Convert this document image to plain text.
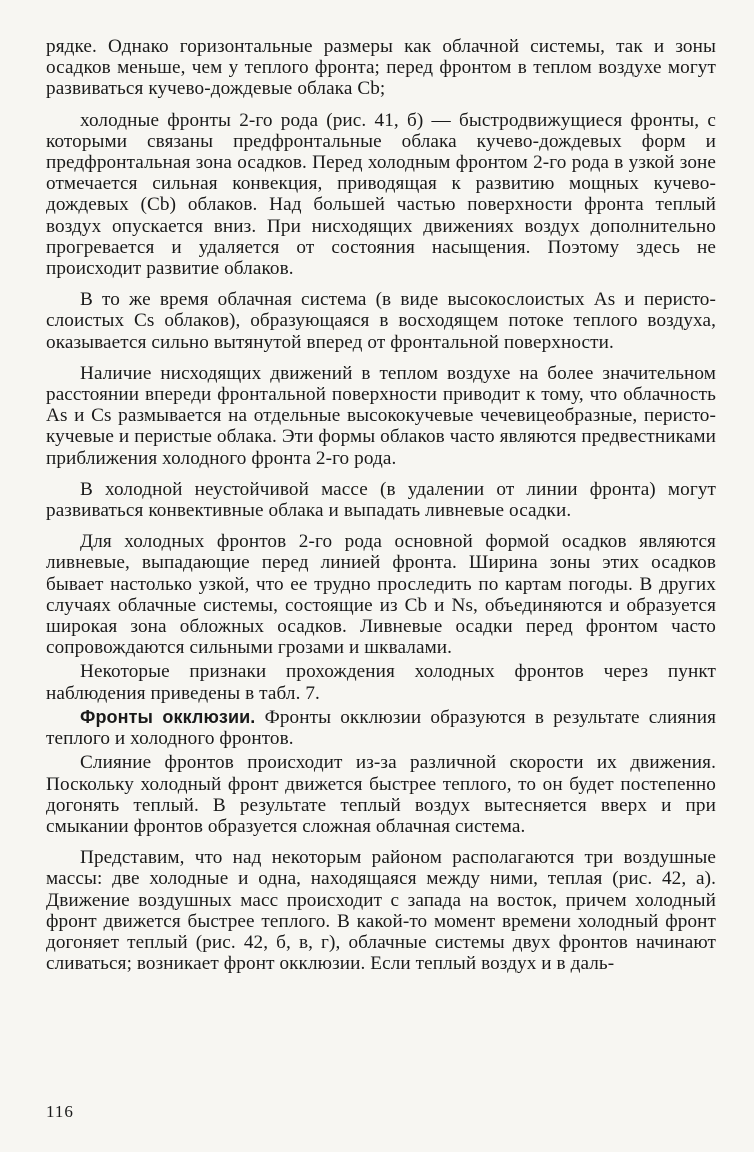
рядке. Однако горизонтальные размеры как облачной системы, так и зоны осадков меньше, чем у теплого фронта; перед фронтом в теплом воздухе могут развиваться кучево-дождевые облака Cb;

холодные фронты 2-го рода (рис. 41, б) — быстродвижущиеся фронты, с которыми связаны предфронтальные облака кучево-дождевых форм и предфронтальная зона осадков. Перед холодным фронтом 2-го рода в узкой зоне отмечается сильная конвекция, приводящая к развитию мощных кучево-дождевых (Cb) облаков. Над большей частью поверхности фронта теплый воздух опускается вниз. При нисходящих движениях воздух дополнительно прогревается и удаляется от состояния насыщения. Поэтому здесь не происходит развитие облаков.

В то же время облачная система (в виде высокослоистых As и перисто-слоистых Cs облаков), образующаяся в восходящем потоке теплого воздуха, оказывается сильно вытянутой вперед от фронтальной поверхности.

Наличие нисходящих движений в теплом воздухе на более значительном расстоянии впереди фронтальной поверхности приводит к тому, что облачность As и Cs размывается на отдельные высококучевые чечевицеобразные, перисто-кучевые и перистые облака. Эти формы облаков часто являются предвестниками приближения холодного фронта 2-го рода.

В холодной неустойчивой массе (в удалении от линии фронта) могут развиваться конвективные облака и выпадать ливневые осадки.

Для холодных фронтов 2-го рода основной формой осадков являются ливневые, выпадающие перед линией фронта. Ширина зоны этих осадков бывает настолько узкой, что ее трудно проследить по картам погоды. В других случаях облачные системы, состоящие из Cb и Ns, объединяются и образуется широкая зона обложных осадков. Ливневые осадки перед фронтом часто сопровождаются сильными грозами и шквалами.

Некоторые признаки прохождения холодных фронтов через пункт наблюдения приведены в табл. 7.

Фронты окклюзии. Фронты окклюзии образуются в результате слияния теплого и холодного фронтов.

Слияние фронтов происходит из-за различной скорости их движения. Поскольку холодный фронт движется быстрее теплого, то он будет постепенно догонять теплый. В результате теплый воздух вытесняется вверх и при смыкании фронтов образуется сложная облачная система.

Представим, что над некоторым районом располагаются три воздушные массы: две холодные и одна, находящаяся между ними, теплая (рис. 42, а). Движение воздушных масс происходит с запада на восток, причем холодный фронт движется быстрее теплого. В какой-то момент времени холодный фронт догоняет теплый (рис. 42, б, в, г), облачные системы двух фронтов начинают сливаться; возникает фронт окклюзии. Если теплый воздух и в даль-

116
